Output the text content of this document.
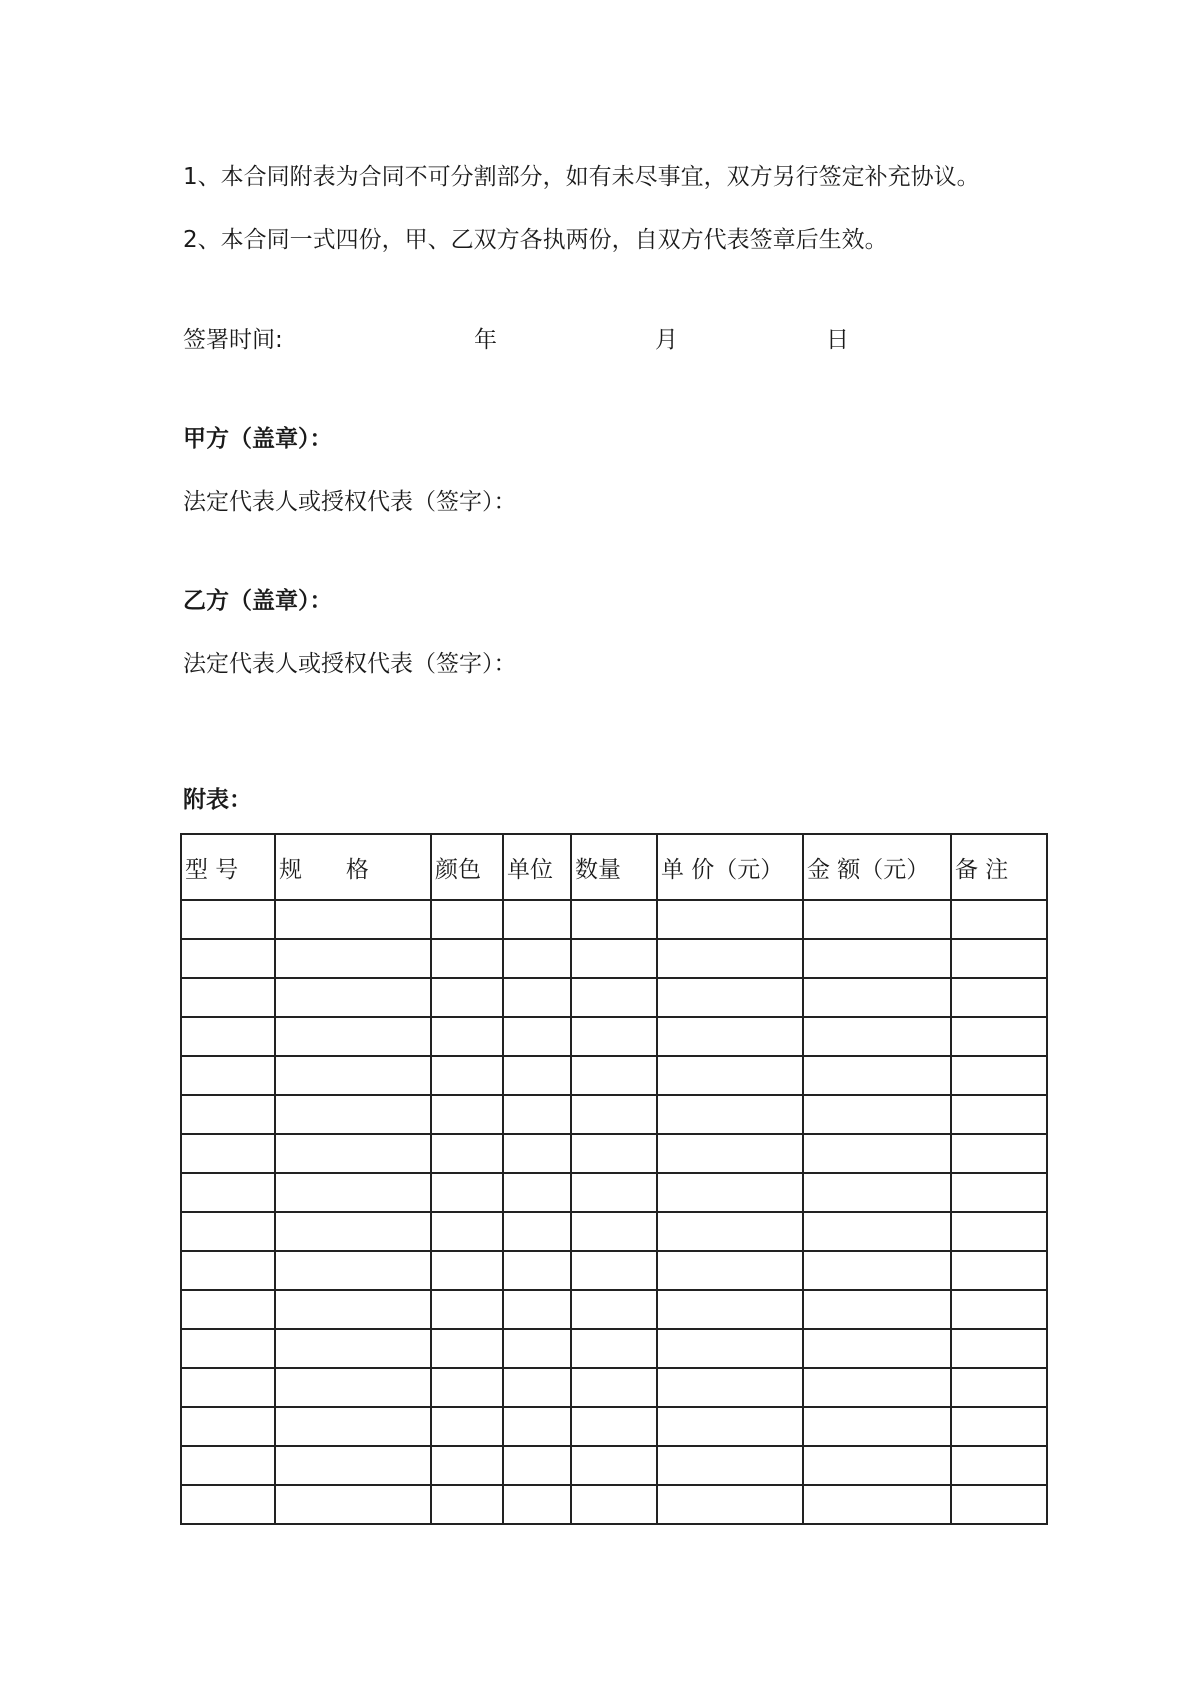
1、本合同附表为合同不可分割部分，如有未尽事宜，双方另行签定补充协议。
2、本合同一式四份，甲、乙双方各执两份，自双方代表签章后生效。
签署时间:	年	月	日
甲方（盖章）：
法定代表人或授权代表（签字）：
乙方（盖章）：
法定代表人或授权代表（签字）：
附表：
型 号	规      格	颜色	单位	数量	单 价（元）	金 额（元）	备 注
